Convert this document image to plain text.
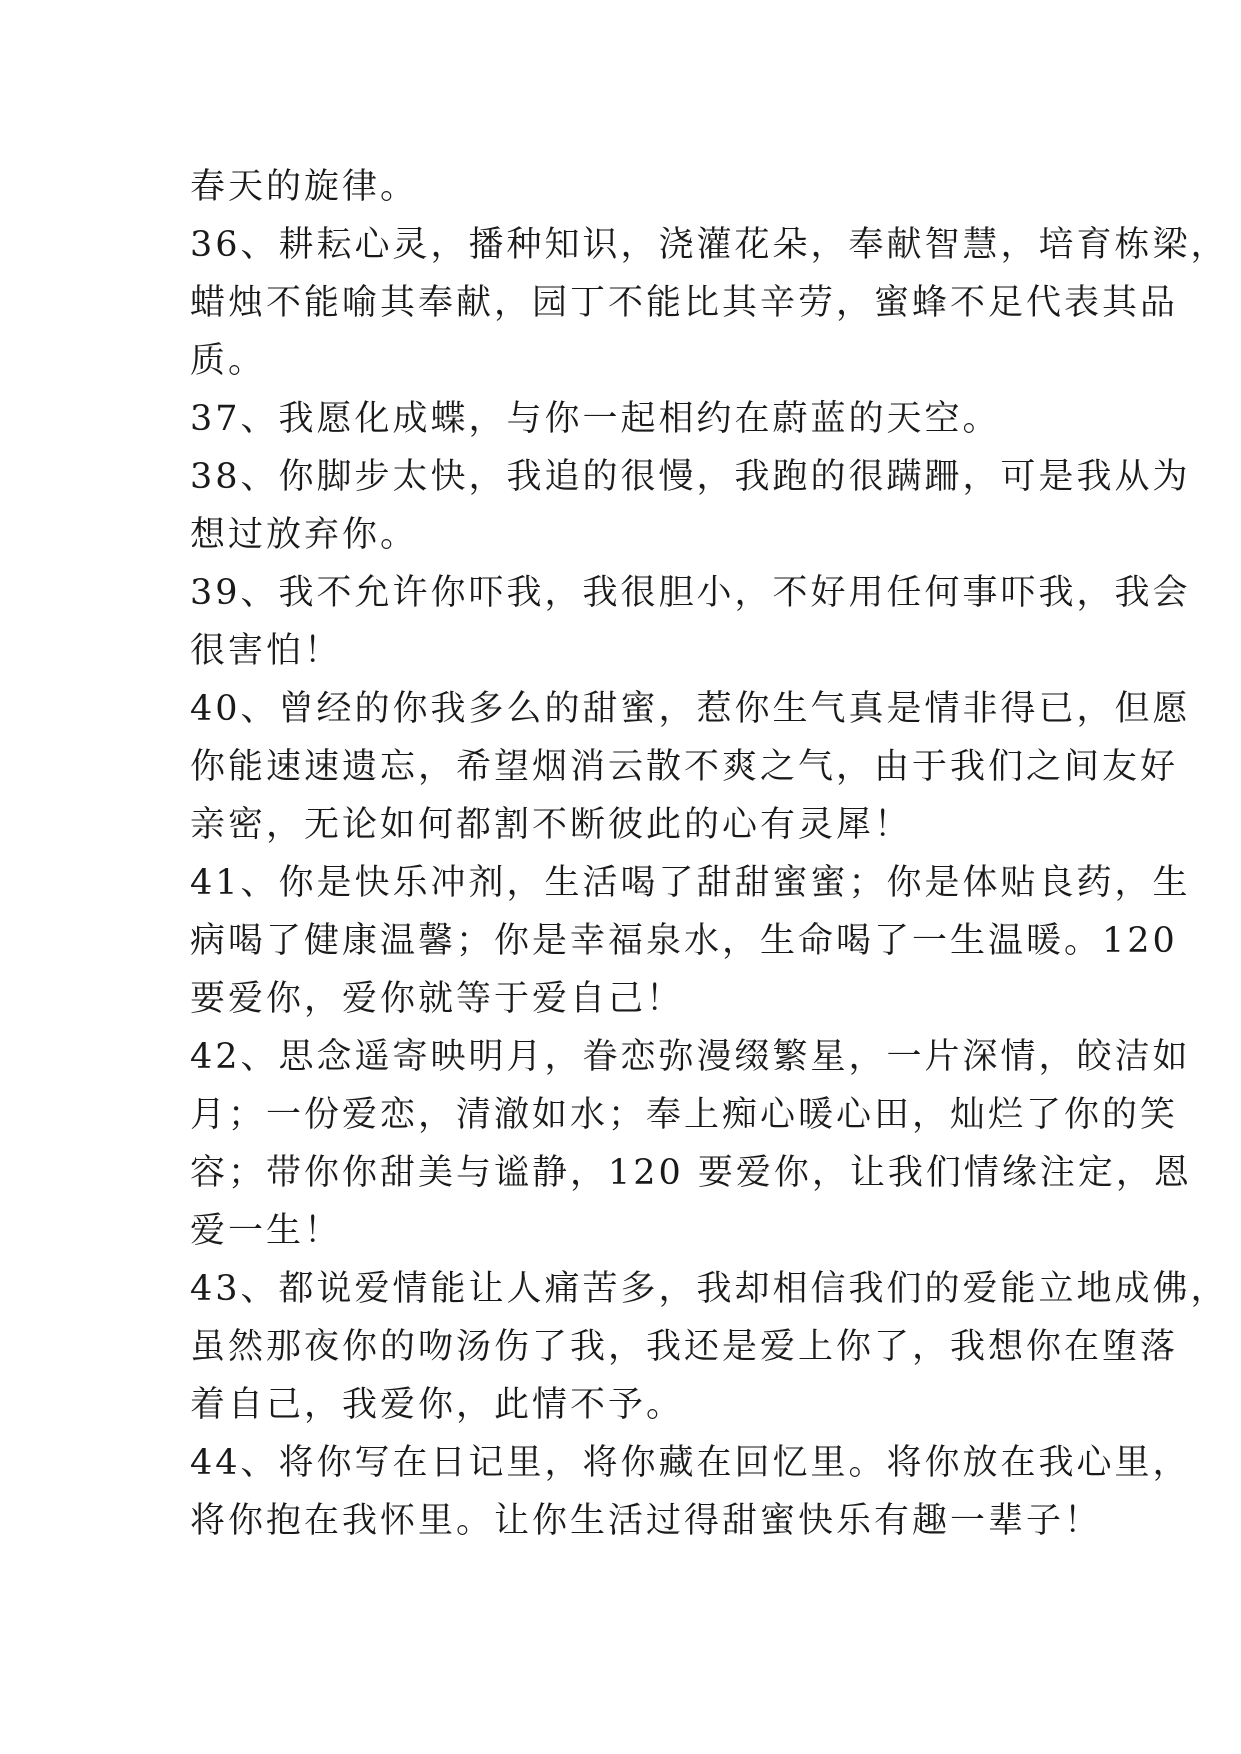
春天的旋律。
36、耕耘心灵，播种知识，浇灌花朵，奉献智慧，培育栋梁，
蜡烛不能喻其奉献，园丁不能比其辛劳，蜜蜂不足代表其品
质。
37、我愿化成蝶，与你一起相约在蔚蓝的天空。
38、你脚步太快，我追的很慢，我跑的很蹒跚，可是我从为
想过放弃你。
39、我不允许你吓我，我很胆小，不好用任何事吓我，我会
很害怕！
40、曾经的你我多么的甜蜜，惹你生气真是情非得已，但愿
你能速速遗忘，希望烟消云散不爽之气，由于我们之间友好
亲密，无论如何都割不断彼此的心有灵犀！
41、你是快乐冲剂，生活喝了甜甜蜜蜜；你是体贴良药，生
病喝了健康温馨；你是幸福泉水，生命喝了一生温暖。120
要爱你，爱你就等于爱自己！
42、思念遥寄映明月，眷恋弥漫缀繁星，一片深情，皎洁如
月；一份爱恋，清澈如水；奉上痴心暖心田，灿烂了你的笑
容；带你你甜美与谧静，120 要爱你，让我们情缘注定，恩
爱一生！
43、都说爱情能让人痛苦多，我却相信我们的爱能立地成佛，
虽然那夜你的吻汤伤了我，我还是爱上你了，我想你在堕落
着自己，我爱你，此情不予。
44、将你写在日记里，将你藏在回忆里。将你放在我心里，
将你抱在我怀里。让你生活过得甜蜜快乐有趣一辈子！
